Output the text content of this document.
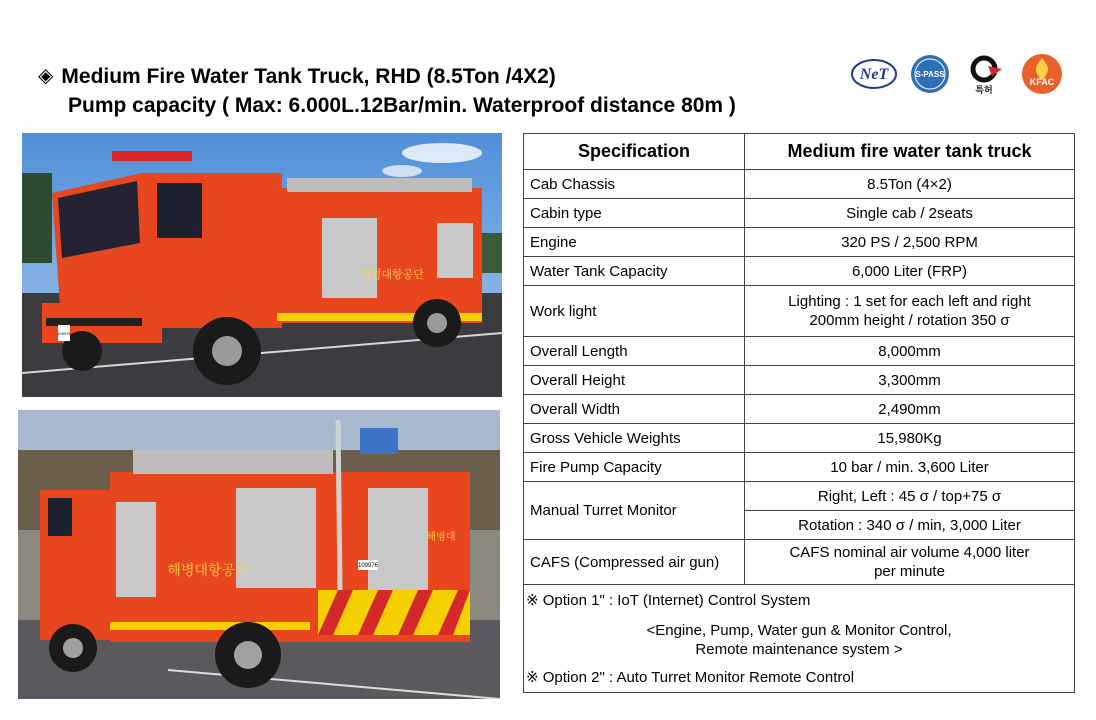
◈ Medium Fire Water Tank Truck, RHD (8.5Ton /4X2)
Pump capacity ( Max: 6.000L.12Bar/min. Waterproof distance 80m )
NeT	S-PASS
특허
KFAC
해병대항공단
109976
109976
해병대항공단
해병대
Specification	Medium fire water tank truck
Cab Chassis	8.5Ton (4×2)
Cabin type	Single cab / 2seats
Engine	320 PS / 2,500 RPM
Water Tank Capacity	6,000 Liter (FRP)
Work light	Lighting : 1 set for each left and right
200mm height / rotation 350 σ

Overall Length	8,000mm
Overall Height	3,300mm
Overall Width	2,490mm
Gross Vehicle Weights	15,980Kg
Fire Pump Capacity	10 bar / min. 3,600 Liter
Manual Turret Monitor	Right, Left : 45 σ / top+75 σ
	Rotation : 340 σ / min, 3,000 Liter
CAFS (Compressed air gun)	CAFS nominal air volume 4,000 liter
per minute

※ Option 1" : IoT (Internet) Control System
<Engine, Pump, Water gun & Monitor Control,
Remote maintenance system >
※ Option 2" : Auto Turret Monitor Remote Control	
